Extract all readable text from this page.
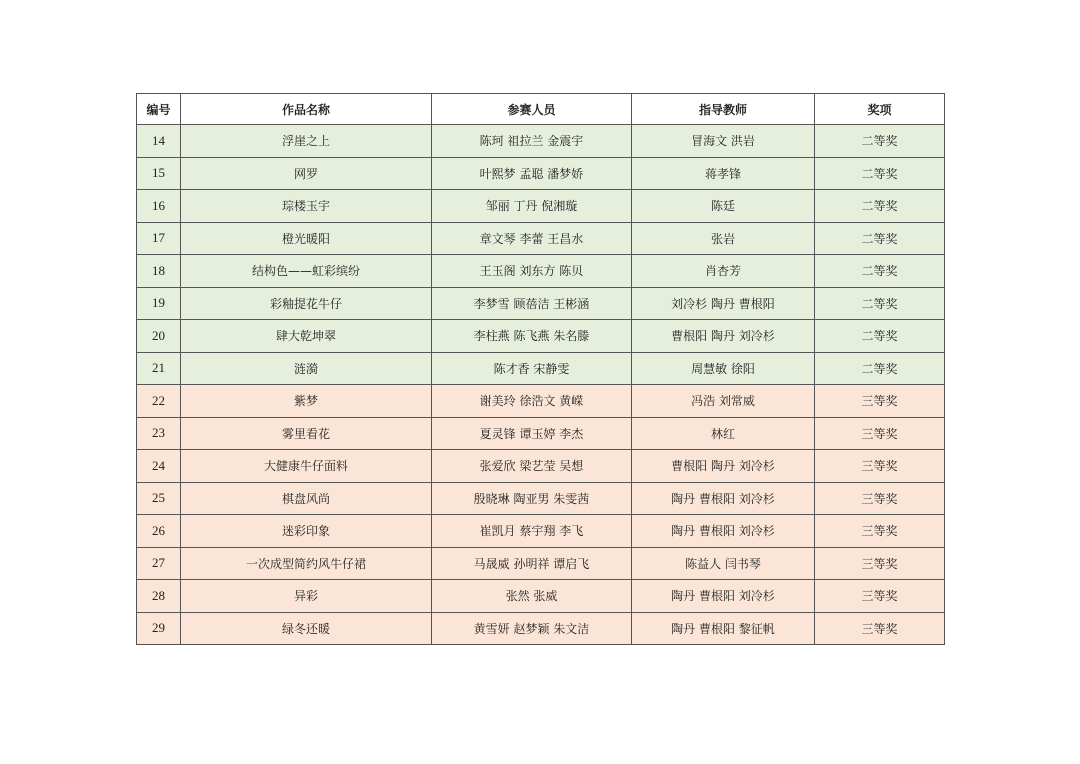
编号	作品名称	参赛人员	指导教师	奖项
14	浮崖之上	陈珂 祖拉兰 金震宇	冒海文 洪岩	二等奖
15	网罗	叶熙梦 孟聪 潘梦娇	蒋孝锋	二等奖
16	琮楼玉宇	邹丽 丁丹 倪湘璇	陈廷	二等奖
17	橙光暖阳	章文琴 李蕾 王昌水	张岩	二等奖
18	结构色——虹彩缤纷	王玉阁 刘东方 陈贝	肖杏芳	二等奖
19	彩釉提花牛仔	李梦雪 顾蓓洁 王彬涵	刘冷杉 陶丹 曹根阳	二等奖
20	肆大乾坤翠	李柱燕 陈飞燕 朱名滕	曹根阳 陶丹 刘冷杉	二等奖
21	涟漪	陈才香 宋静雯	周慧敏 徐阳	二等奖
22	紫梦	谢美玲 徐浩文 黄嵘	冯浩 刘常威	三等奖
23	雾里看花	夏灵锋 谭玉婷 李杰	林红	三等奖
24	大健康牛仔面料	张爱欣 梁艺莹 吴想	曹根阳 陶丹 刘冷杉	三等奖
25	棋盘风尚	殷晓琳 陶亚男 朱雯茜	陶丹 曹根阳 刘冷杉	三等奖
26	迷彩印象	崔凯月 蔡宇翔 李飞	陶丹 曹根阳 刘冷杉	三等奖
27	一次成型简约风牛仔裙	马晟威 孙明祥 谭启飞	陈益人 闫书琴	三等奖
28	异彩	张然 张威	陶丹 曹根阳 刘冷杉	三等奖
29	绿冬还暖	黄雪妍 赵梦颖 朱文洁	陶丹 曹根阳 黎征帆	三等奖
